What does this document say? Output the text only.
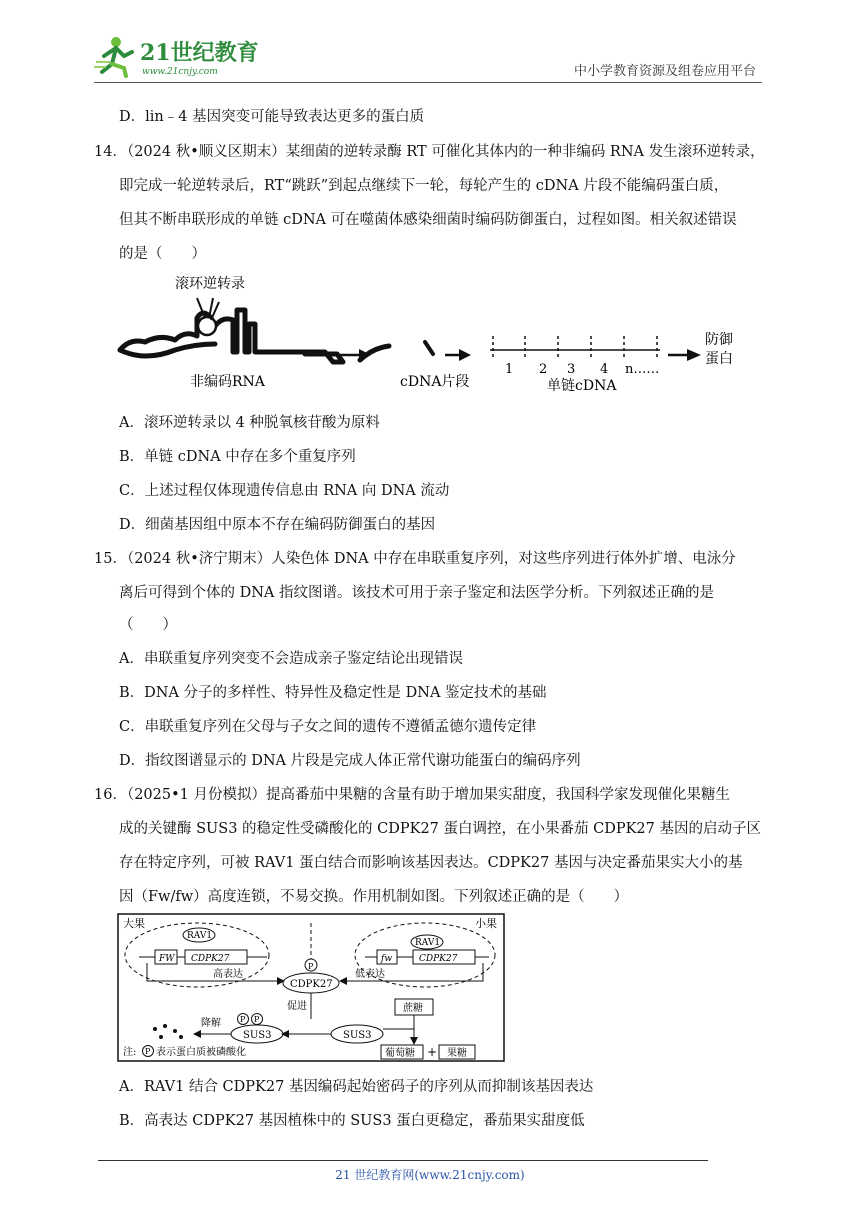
21世纪教育
www.21cnjy.com	中小学教育资源及组卷应用平台
D．lin﹣4 基因突变可能导致表达更多的蛋白质
14．（2024 秋•顺义区期末）某细菌的逆转录酶 RT 可催化其体内的一种非编码 RNA 发生滚环逆转录，
即完成一轮逆转录后，RT“跳跃”到起点继续下一轮，每轮产生的 cDNA 片段不能编码蛋白质，
但其不断串联形成的单链 cDNA 可在噬菌体感染细菌时编码防御蛋白，过程如图。相关叙述错误
的是（　　）
滚环逆转录
非编码RNA	cDNA片段
1 2 3 4 n……
单链cDNA
防御
蛋白
A．滚环逆转录以 4 种脱氧核苷酸为原料
B．单链 cDNA 中存在多个重复序列
C．上述过程仅体现遗传信息由 RNA 向 DNA 流动
D．细菌基因组中原本不存在编码防御蛋白的基因
15．（2024 秋•济宁期末）人染色体 DNA 中存在串联重复序列，对这些序列进行体外扩增、电泳分
离后可得到个体的 DNA 指纹图谱。该技术可用于亲子鉴定和法医学分析。下列叙述正确的是
（　　）
A．串联重复序列突变不会造成亲子鉴定结论出现错误
B．DNA 分子的多样性、特异性及稳定性是 DNA 鉴定技术的基础
C．串联重复序列在父母与子女之间的遗传不遵循孟德尔遗传定律
D．指纹图谱显示的 DNA 片段是完成人体正常代谢功能蛋白的编码序列
16．（2025•1 月份模拟）提高番茄中果糖的含量有助于增加果实甜度，我国科学家发现催化果糖生
成的关键酶 SUS3 的稳定性受磷酸化的 CDPK27 蛋白调控，在小果番茄 CDPK27 基因的启动子区
存在特定序列，可被 RAV1 蛋白结合而影响该基因表达。CDPK27 基因与决定番茄果实大小的基
因（Fw/fw）高度连锁，不易交换。作用机制如图。下列叙述正确的是（　　）
大果	小果
RAV1
FW CDPK27
RAV1
fw	CDPK27
P
CDPK27
高表达	低表达
促进
P P
SUS3	SUS3
降解
蔗糖
葡萄糖 + 果糖
注: P 表示蛋白质被磷酸化
A．RAV1 结合 CDPK27 基因编码起始密码子的序列从而抑制该基因表达
B．高表达 CDPK27 基因植株中的 SUS3 蛋白更稳定，番茄果实甜度低
21 世纪教育网(www.21cnjy.com)
